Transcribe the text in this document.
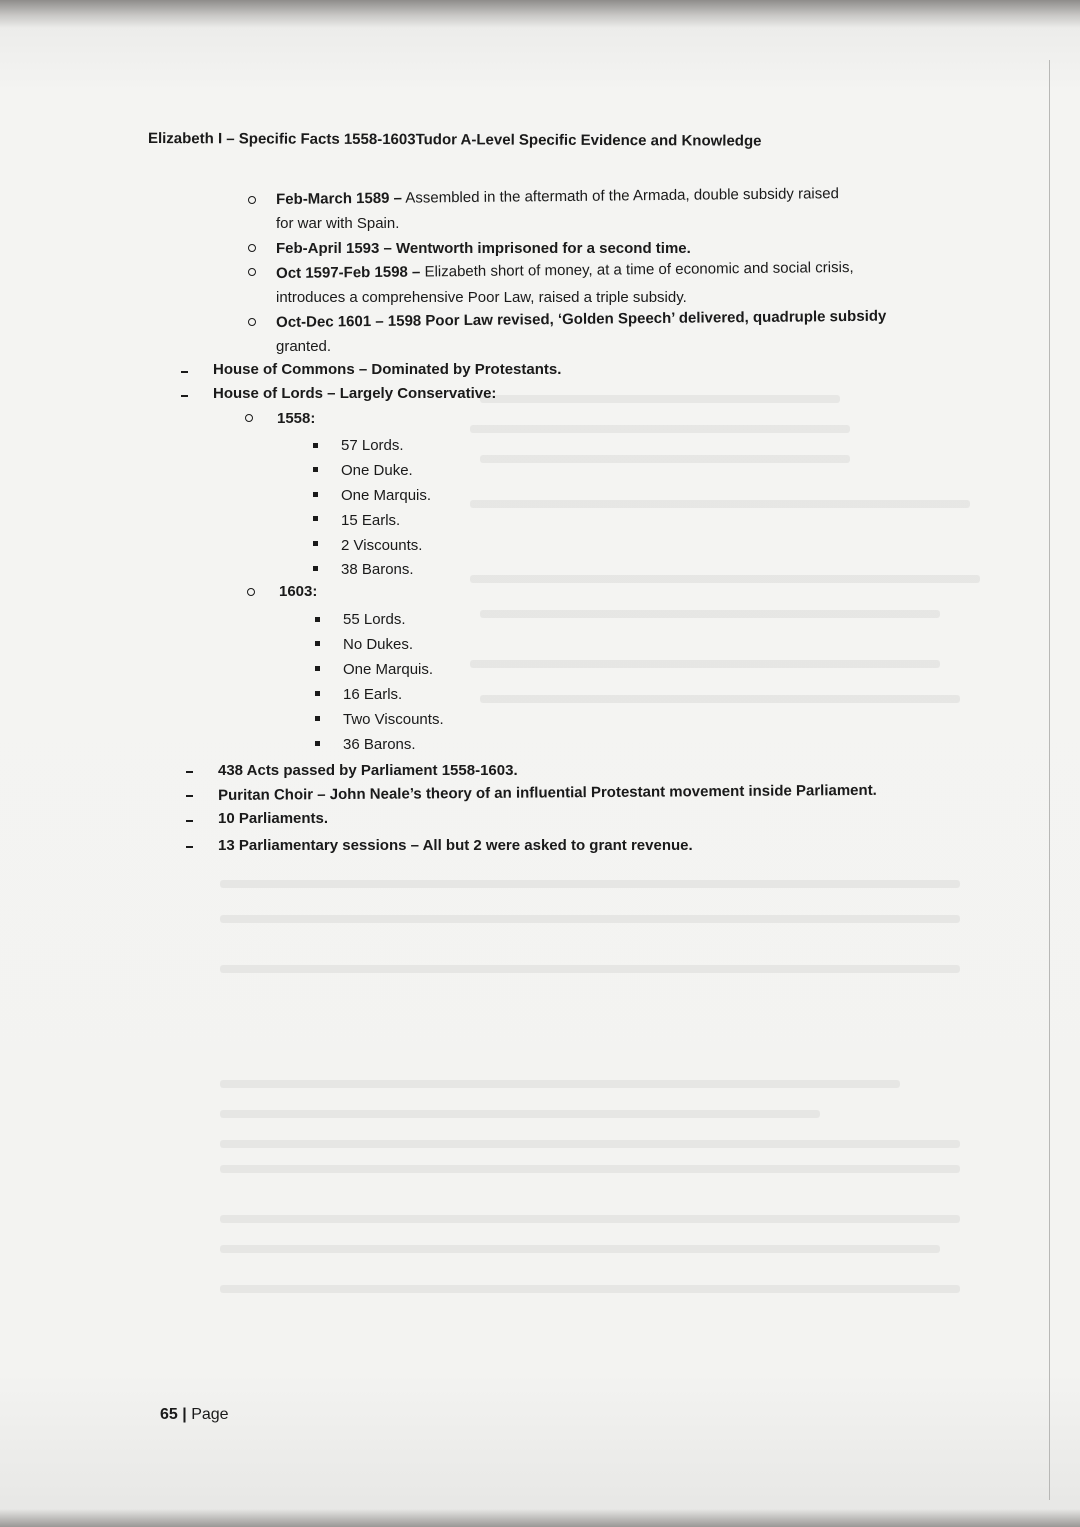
Elizabeth I – Specific Facts 1558-1603Tudor A-Level Specific Evidence and Knowledge
Feb-March 1589 – Assembled in the aftermath of the Armada, double subsidy raised
for war with Spain.
Feb-April 1593 – Wentworth imprisoned for a second time.
Oct 1597-Feb 1598 – Elizabeth short of money, at a time of economic and social crisis,
introduces a comprehensive Poor Law, raised a triple subsidy.
Oct-Dec 1601 – 1598 Poor Law revised, ‘Golden Speech’ delivered, quadruple subsidy
granted.
House of Commons – Dominated by Protestants.
House of Lords – Largely Conservative:
1558:
57 Lords.
One Duke.
One Marquis.
15 Earls.
2 Viscounts.
38 Barons.
1603:
55 Lords.
No Dukes.
One Marquis.
16 Earls.
Two Viscounts.
36 Barons.
438 Acts passed by Parliament 1558-1603.
Puritan Choir – John Neale’s theory of an influential Protestant movement inside Parliament.
10 Parliaments.
13 Parliamentary sessions – All but 2 were asked to grant revenue.
65 | Page
